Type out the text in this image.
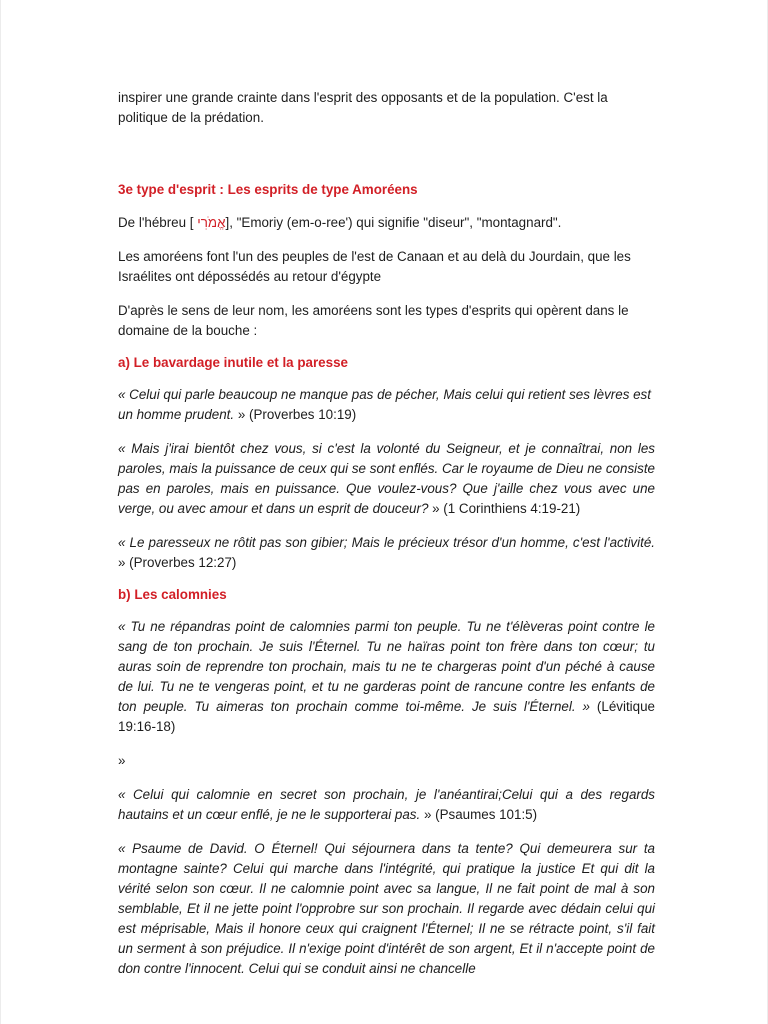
inspirer une grande crainte dans l'esprit des opposants et de la population. C'est la politique de la prédation.

3e type d'esprit : Les esprits de type Amoréens

De l'hébreu [ אֱמֹרִי], "Emoriy (em-o-ree') qui signifie "diseur", "montagnard".

Les amoréens font l'un des peuples de l'est de Canaan et au delà du Jourdain, que les Israélites ont dépossédés au retour d'égypte

D'après le sens de leur nom, les amoréens sont les types d'esprits qui opèrent dans le domaine de la bouche :

a) Le bavardage inutile et la paresse

« Celui qui parle beaucoup ne manque pas de pécher, Mais celui qui retient ses lèvres est un homme prudent. » (Proverbes 10:19)

« Mais j'irai bientôt chez vous, si c'est la volonté du Seigneur, et je connaîtrai, non les paroles, mais la puissance de ceux qui se sont enflés. Car le royaume de Dieu ne consiste pas en paroles, mais en puissance. Que voulez-vous? Que j'aille chez vous avec une verge, ou avec amour et dans un esprit de douceur? » (1 Corinthiens 4:19-21)

« Le paresseux ne rôtit pas son gibier; Mais le précieux trésor d'un homme, c'est l'activité. » (Proverbes 12:27)

b) Les calomnies

« Tu ne répandras point de calomnies parmi ton peuple. Tu ne t'élèveras point contre le sang de ton prochain. Je suis l'Éternel. Tu ne haïras point ton frère dans ton cœur; tu auras soin de reprendre ton prochain, mais tu ne te chargeras point d'un péché à cause de lui. Tu ne te vengeras point, et tu ne garderas point de rancune contre les enfants de ton peuple. Tu aimeras ton prochain comme toi-même. Je suis l'Éternel. » (Lévitique 19:16-18)

»

« Celui qui calomnie en secret son prochain, je l'anéantirai;Celui qui a des regards hautains et un cœur enflé, je ne le supporterai pas. » (Psaumes 101:5)

« Psaume de David. O Éternel! Qui séjournera dans ta tente? Qui demeurera sur ta montagne sainte? Celui qui marche dans l'intégrité, qui pratique la justice Et qui dit la vérité selon son cœur. Il ne calomnie point avec sa langue, Il ne fait point de mal à son semblable, Et il ne jette point l'opprobre sur son prochain. Il regarde avec dédain celui qui est méprisable, Mais il honore ceux qui craignent l'Éternel; Il ne se rétracte point, s'il fait un serment à son préjudice. Il n'exige point d'intérêt de son argent, Et il n'accepte point de don contre l'innocent. Celui qui se conduit ainsi ne chancelle
